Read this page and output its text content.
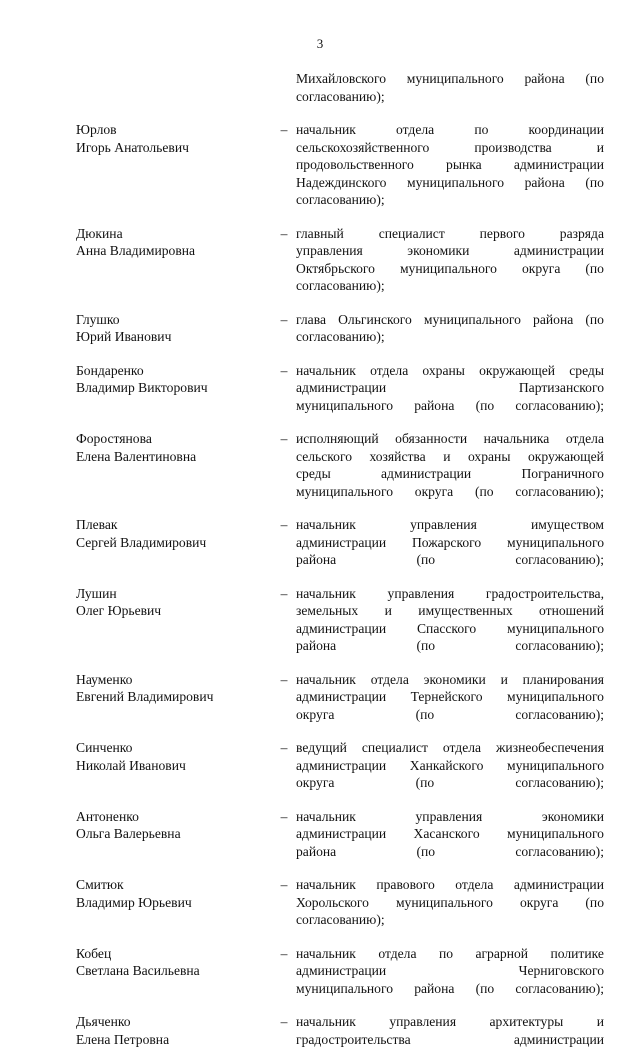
3
Михайловского муниципального района (по
согласованию);
Юрлов
Игорь Анатольевич
– начальник	отдела	по	координации
сельскохозяйственного	производства	и
продовольственного рынка администрации
Надеждинского муниципального района (по
согласованию);
Дюкина
Анна Владимировна
– главный	специалист	первого	разряда
управления	экономики	администрации
Октябрьского муниципального округа (по
согласованию);
Глушко
Юрий Иванович
– глава Ольгинского муниципального района (по
согласованию);
Бондаренко
Владимир Викторович
– начальник отдела охраны окружающей среды
администрации	Партизанского
муниципального района (по согласованию);
Форостянова
Елена Валентиновна
– исполняющий обязанности начальника отдела
сельского хозяйства и охраны окружающей
среды	администрации	Пограничного
муниципального округа (по согласованию);
Плевак
Сергей Владимирович
– начальник	управления	имуществом
администрации Пожарского муниципального
района (по согласованию);
Лушин
Олег Юрьевич
– начальник управления градостроительства,
земельных и имущественных отношений
администрации Спасского муниципального
района (по согласованию);
Науменко
Евгений Владимирович
– начальник отдела экономики и планирования
администрации Тернейского муниципального
округа (по согласованию);
Синченко
Николай Иванович
– ведущий специалист отдела жизнеобеспечения
администрации Ханкайского муниципального
округа (по согласованию);
Антоненко
Ольга Валерьевна
– начальник	управления	экономики
администрации Хасанского муниципального
района (по согласованию);
Смитюк
Владимир Юрьевич
– начальник правового отдела администрации
Хорольского муниципального округа (по
согласованию);
Кобец
Светлана Васильевна
– начальник отдела по аграрной политике
администрации	Черниговского
муниципального района (по согласованию);
Дьяченко
Елена Петровна
– начальник управления архитектуры и
градостроительства администрации
